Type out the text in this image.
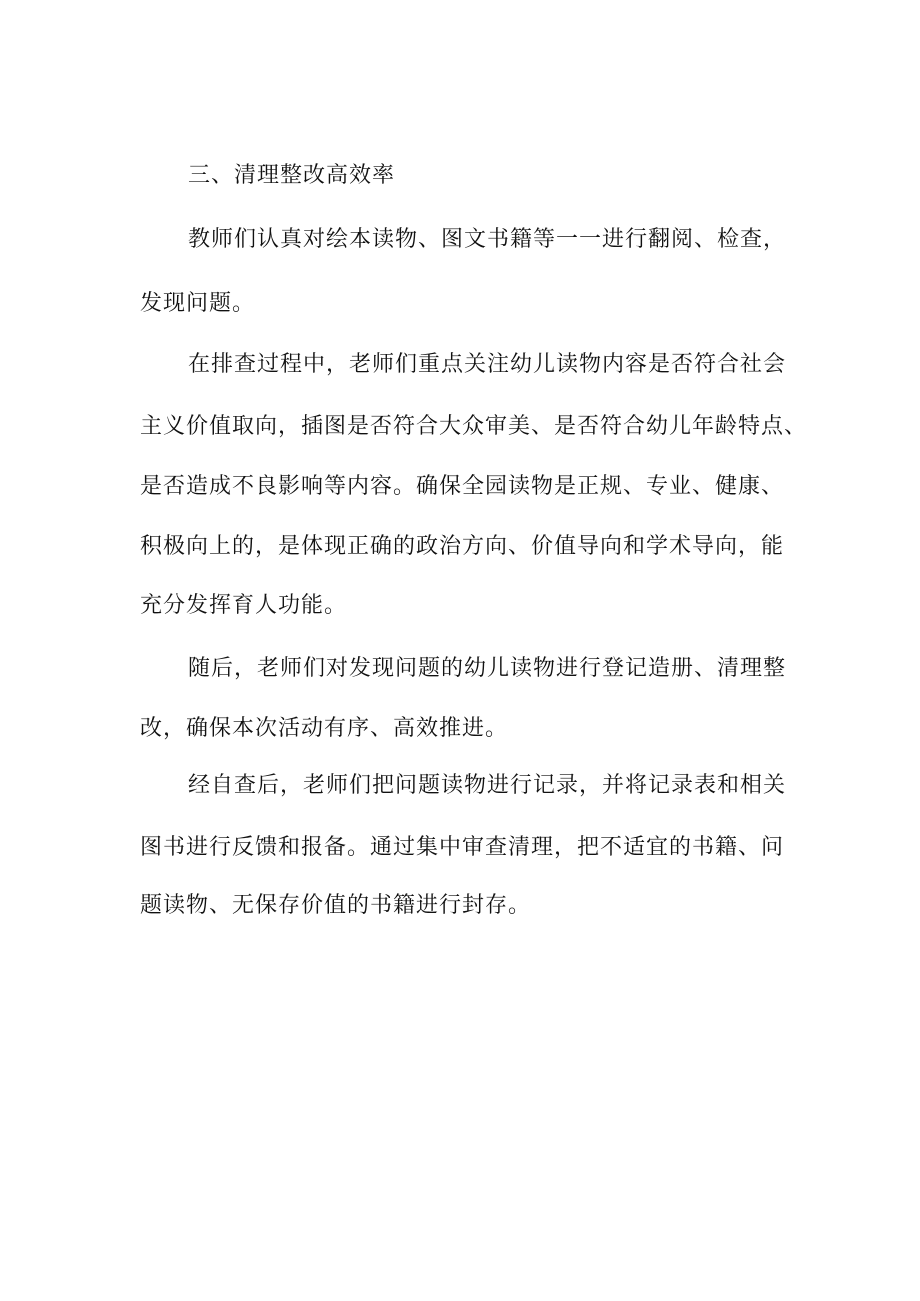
三、清理整改高效率
教师们认真对绘本读物、图文书籍等一一进行翻阅、检查，
发现问题。
在排查过程中，老师们重点关注幼儿读物内容是否符合社会
主义价值取向，插图是否符合大众审美、是否符合幼儿年龄特点、
是否造成不良影响等内容。确保全园读物是正规、专业、健康、
积极向上的，是体现正确的政治方向、价值导向和学术导向，能
充分发挥育人功能。
随后，老师们对发现问题的幼儿读物进行登记造册、清理整
改，确保本次活动有序、高效推进。
经自查后，老师们把问题读物进行记录，并将记录表和相关
图书进行反馈和报备。通过集中审查清理，把不适宜的书籍、问
题读物、无保存价值的书籍进行封存。
